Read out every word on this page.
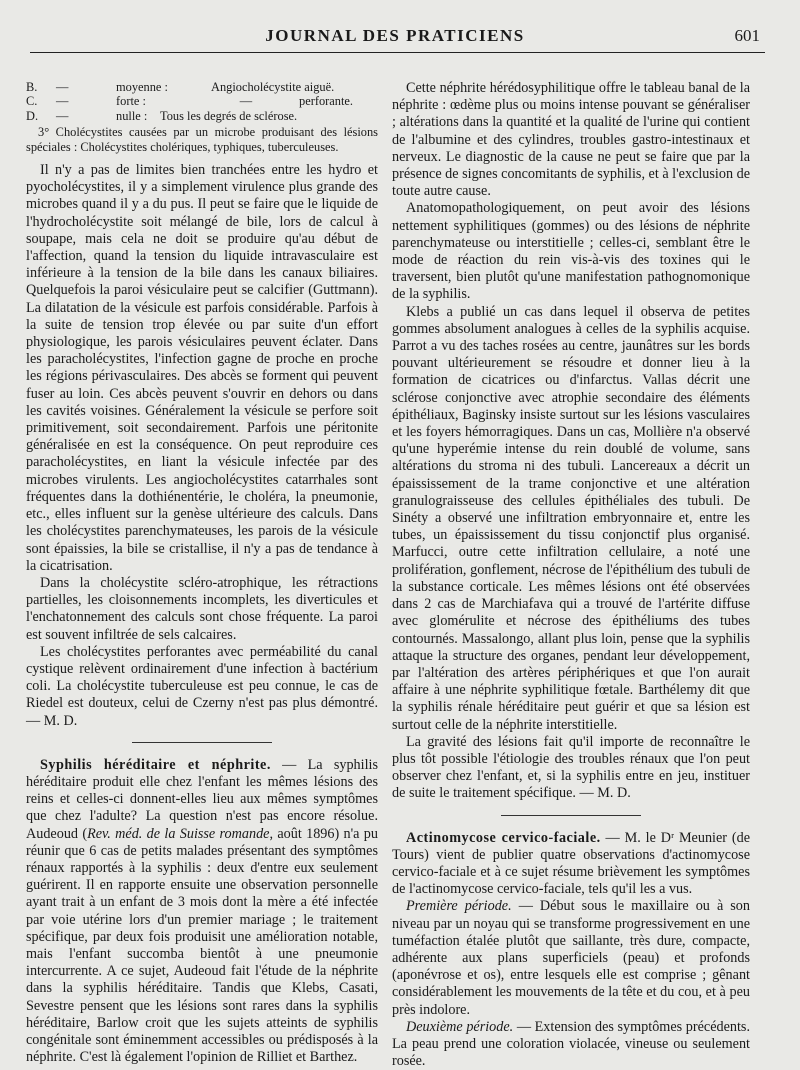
JOURNAL DES PRATICIENS	601
B.	—	moyenne :	Angiocholécystite aiguë.
C.	—	forte :	—	perforante.
D.	—	nulle :	Tous les degrés de sclérose.

3° Cholécystites causées par un microbe produisant des lésions spéciales : Cholécystites cholériques, typhiques, tuberculeuses.

Il n'y a pas de limites bien tranchées entre les hydro et pyocholécystites, il y a simplement virulence plus grande des microbes quand il y a du pus. Il peut se faire que le liquide de l'hydrocholécystite soit mélangé de bile, lors de calcul à soupape, mais cela ne doit se produire qu'au début de l'affection, quand la tension du liquide intravasculaire est inférieure à la tension de la bile dans les canaux biliaires. Quelquefois la paroi vésiculaire peut se calcifier (Guttmann). La dilatation de la vésicule est parfois considérable. Parfois à la suite de tension trop élevée ou par suite d'un effort physiologique, les parois vésiculaires peuvent éclater. Dans les paracholécystites, l'infection gagne de proche en proche les régions périvasculaires. Des abcès se forment qui peuvent fuser au loin. Ces abcès peuvent s'ouvrir en dehors ou dans les cavités voisines. Généralement la vésicule se perfore soit primitivement, soit secondairement. Parfois une péritonite généralisée en est la conséquence. On peut reproduire ces paracholécystites, en liant la vésicule infectée par des microbes virulents. Les angiocholécystites catarrhales sont fréquentes dans la dothiénentérie, le choléra, la pneumonie, etc., elles influent sur la genèse ultérieure des calculs. Dans les cholécystites parenchymateuses, les parois de la vésicule sont épaissies, la bile se cristallise, il n'y a pas de tendance à la cicatrisation.

Dans la cholécystite scléro-atrophique, les rétractions partielles, les cloisonnements incomplets, les diverticules et l'enchatonnement des calculs sont chose fréquente. La paroi est souvent infiltrée de sels calcaires.

Les cholécystites perforantes avec perméabilité du canal cystique relèvent ordinairement d'une infection à bactérium coli. La cholécystite tuberculeuse est peu connue, le cas de Riedel est douteux, celui de Czerny n'est pas plus démontré. — M. D.

Syphilis héréditaire et néphrite. — La syphilis héréditaire produit elle chez l'enfant les mêmes lésions des reins et celles-ci donnent-elles lieu aux mêmes symptômes que chez l'adulte? La question n'est pas encore résolue. Audeoud (Rev. méd. de la Suisse romande, août 1896) n'a pu réunir que 6 cas de petits malades présentant des symptômes rénaux rapportés à la syphilis : deux d'entre eux seulement guérirent. Il en rapporte ensuite une observation personnelle ayant trait à un enfant de 3 mois dont la mère a été infectée par voie utérine lors d'un premier mariage ; le traitement spécifique, par deux fois produisit une amélioration notable, mais l'enfant succomba bientôt à une pneumonie intercurrente. A ce sujet, Audeoud fait l'étude de la néphrite dans la syphilis héréditaire. Tandis que Klebs, Casati, Sevestre pensent que les lésions sont rares dans la syphilis héréditaire, Barlow croit que les sujets atteints de syphilis congénitale sont éminemment accessibles ou prédisposés à la néphrite. C'est là également l'opinion de Rilliet et Barthez.

Cette néphrite hérédosyphilitique offre le tableau banal de la néphrite : œdème plus ou moins intense pouvant se généraliser ; altérations dans la quantité et la qualité de l'urine qui contient de l'albumine et des cylindres, troubles gastro-intestinaux et nerveux. Le diagnostic de la cause ne peut se faire que par la présence de signes concomitants de syphilis, et à l'exclusion de toute autre cause.

Anatomopathologiquement, on peut avoir des lésions nettement syphilitiques (gommes) ou des lésions de néphrite parenchymateuse ou interstitielle ; celles-ci, semblant être le mode de réaction du rein vis-à-vis des toxines qui le traversent, bien plutôt qu'une manifestation pathognomonique de la syphilis.

Klebs a publié un cas dans lequel il observa de petites gommes absolument analogues à celles de la syphilis acquise. Parrot a vu des taches rosées au centre, jaunâtres sur les bords pouvant ultérieurement se résoudre et donner lieu à la formation de cicatrices ou d'infarctus. Vallas décrit une sclérose conjonctive avec atrophie secondaire des éléments épithéliaux, Baginsky insiste surtout sur les lésions vasculaires et les foyers hémorragiques. Dans un cas, Mollière n'a observé qu'une hyperémie intense du rein doublé de volume, sans altérations du stroma ni des tubuli. Lancereaux a décrit un épaississement de la trame conjonctive et une altération granulograisseuse des cellules épithéliales des tubuli. De Sinéty a observé une infiltration embryonnaire et, entre les tubes, un épaississement du tissu conjonctif plus organisé. Marfucci, outre cette infiltration cellulaire, a noté une prolifération, gonflement, nécrose de l'épithélium des tubuli de la substance corticale. Les mêmes lésions ont été observées dans 2 cas de Marchiafava qui a trouvé de l'artérite diffuse avec glomérulite et nécrose des épithéliums des tubes contournés. Massalongo, allant plus loin, pense que la syphilis attaque la structure des organes, pendant leur développement, par l'altération des artères périphériques et que l'on aurait affaire à une néphrite syphilitique fœtale. Barthélemy dit que la syphilis rénale héréditaire peut guérir et que sa lésion est surtout celle de la néphrite interstitielle.

La gravité des lésions fait qu'il importe de reconnaître le plus tôt possible l'étiologie des troubles rénaux que l'on peut observer chez l'enfant, et, si la syphilis entre en jeu, instituer de suite le traitement spécifique. — M. D.

Actinomycose cervico-faciale. — M. le Dʳ Meunier (de Tours) vient de publier quatre observations d'actinomycose cervico-faciale et à ce sujet résume brièvement les symptômes de l'actinomycose cervico-faciale, tels qu'il les a vus.

Première période. — Début sous le maxillaire ou à son niveau par un noyau qui se transforme progressivement en une tuméfaction étalée plutôt que saillante, très dure, compacte, adhérente aux plans superficiels (peau) et profonds (aponévrose et os), entre lesquels elle est comprise ; gênant considérablement les mouvements de la tête et du cou, et à peu près indolore.

Deuxième période. — Extension des symptômes précédents. La peau prend une coloration violacée, vineuse ou seulement rosée.
